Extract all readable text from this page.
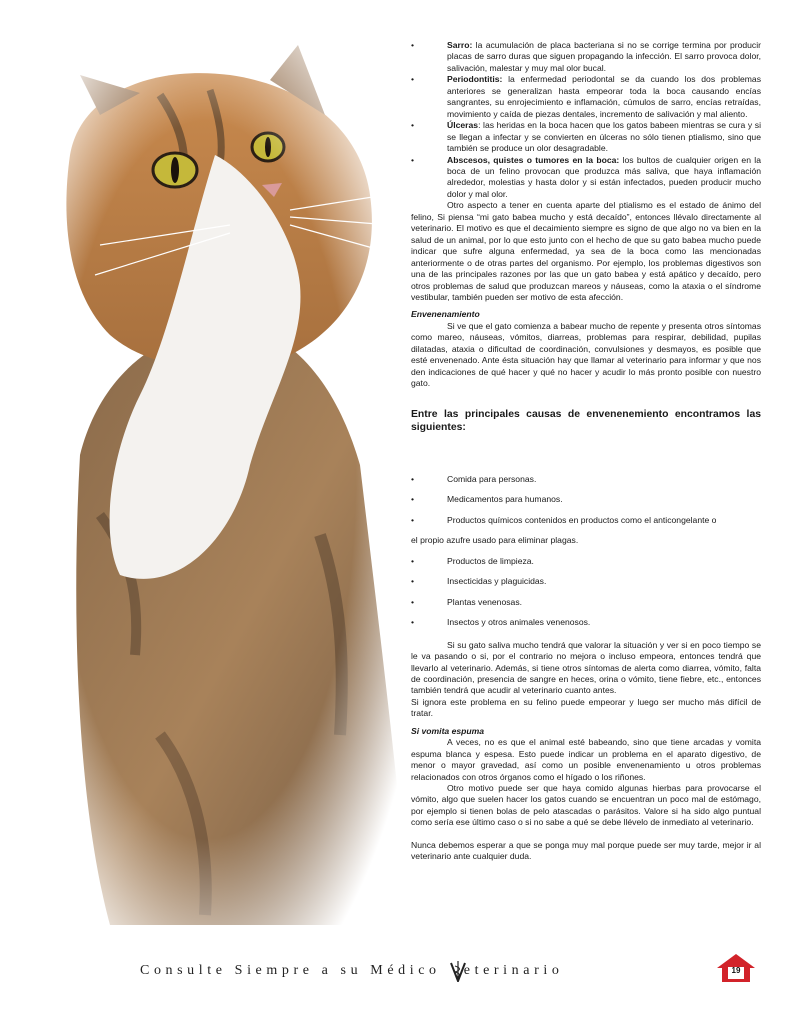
•	Sarro: la acumulación de placa bacteriana si no se corrige termina por producir placas de sarro duras que siguen propagando la infección. El sarro provoca dolor, salivación, malestar y muy mal olor bucal.
•	Periodontitis: la enfermedad periodontal se da cuando los dos problemas anteriores se generalizan hasta empeorar toda la boca causando encías sangrantes, su enrojecimiento e inflamación, cúmulos de sarro, encías retraídas, movimiento y caída de piezas dentales, incremento de salivación y mal aliento.
•	Úlceras: las heridas en la boca hacen que los gatos babeen mientras se cura y si se llegan a infectar y se convierten en úlceras no sólo tienen ptialismo, sino que también se produce un olor desagradable.
•	Abscesos, quistes o tumores en la boca: los bultos de cualquier origen en la boca de un felino provocan que produzca más saliva, que haya inflamación alrededor, molestias y hasta dolor y si están infectados, pueden producir mucho dolor y mal olor.

Otro aspecto a tener en cuenta aparte del ptialismo es el estado de ánimo del felino, Si piensa “mi gato babea mucho y está decaído”, entonces llévalo directamente al veterinario. El motivo es que el decaimiento siempre es signo de que algo no va bien en la salud de un animal, por lo que esto junto con el hecho de que su gato babea mucho puede indicar que sufre alguna enfermedad, ya sea de la boca como las mencionadas anteriormente o de otras partes del organismo. Por ejemplo, los problemas digestivos son una de las principales razones por las que un gato babea y está apático y decaído, pero otros problemas de salud que produzcan mareos y náuseas, como la ataxia o el síndrome vestibular, también pueden ser motivo de esta afección.

Envenenamiento

Si ve que el gato comienza a babear mucho de repente y presenta otros síntomas como mareo, náuseas, vómitos, diarreas, problemas para respirar, debilidad, pupilas dilatadas, ataxia o dificultad de coordinación, convulsiones y desmayos, es posible que esté envenenado. Ante ésta situación hay que llamar al veterinario para informar y que nos den indicaciones de qué hacer y qué no hacer y acudir lo más pronto posible con nuestro gato.

Entre las principales causas de envenenemiento encontramos las siguientes:

•	Comida para personas.
•	Medicamentos para humanos.
•	Productos químicos contenidos en productos como el anticongelante o
el propio azufre usado para eliminar plagas.
•	Productos de limpieza.
•	Insecticidas y plaguicidas.
•	Plantas venenosas.
•	Insectos y otros animales venenosos.

Si su gato saliva mucho tendrá que valorar la situación y ver si en poco tiempo se le va pasando o si, por el contrario no mejora o incluso empeora, entonces tendrá que llevarlo al veterinario. Además, si tiene otros síntomas de alerta como diarrea, vómito, falta de coordinación, presencia de sangre en heces, orina o vómito, tiene fiebre, etc., entonces también tendrá que acudir al veterinario cuanto antes.

Si ignora este problema en su felino puede empeorar y luego ser mucho más difícil de tratar.

Si vomita espuma

A veces, no es que el animal esté babeando, sino que tiene arcadas y vomita espuma blanca y espesa. Esto puede indicar un problema en el aparato digestivo, de menor o mayor gravedad, así como un posible envenenamiento u otros problemas relacionados con otros órganos como el hígado o los riñones.

Otro motivo puede ser que haya comido algunas hierbas para provocarse el vómito, algo que suelen hacer los gatos cuando se encuentran un poco mal de estómago, por ejemplo si tienen bolas de pelo atascadas o parásitos. Valore si ha sido algo puntual como sería ese último caso o si no sabe a qué se debe llévelo de inmediato al veterinario.

Nunca debemos esperar a que se ponga muy mal porque puede ser muy tarde, mejor ir al veterinario ante cualquier duda.

Consulte Siempre a su Médico eterinario	19
